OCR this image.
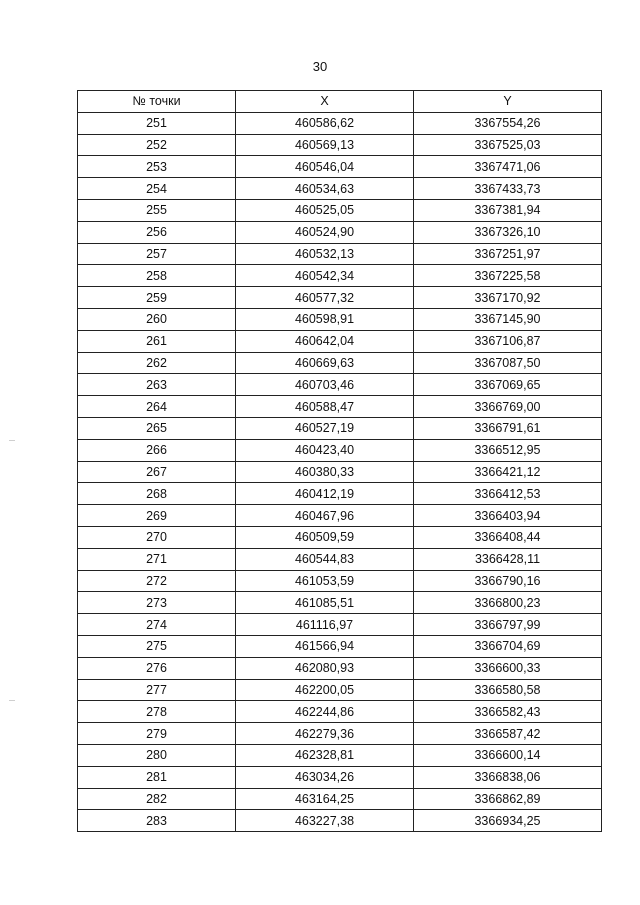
30
№ точки	X	Y
251	460586,62	3367554,26
252	460569,13	3367525,03
253	460546,04	3367471,06
254	460534,63	3367433,73
255	460525,05	3367381,94
256	460524,90	3367326,10
257	460532,13	3367251,97
258	460542,34	3367225,58
259	460577,32	3367170,92
260	460598,91	3367145,90
261	460642,04	3367106,87
262	460669,63	3367087,50
263	460703,46	3367069,65
264	460588,47	3366769,00
265	460527,19	3366791,61
266	460423,40	3366512,95
267	460380,33	3366421,12
268	460412,19	3366412,53
269	460467,96	3366403,94
270	460509,59	3366408,44
271	460544,83	3366428,11
272	461053,59	3366790,16
273	461085,51	3366800,23
274	461116,97	3366797,99
275	461566,94	3366704,69
276	462080,93	3366600,33
277	462200,05	3366580,58
278	462244,86	3366582,43
279	462279,36	3366587,42
280	462328,81	3366600,14
281	463034,26	3366838,06
282	463164,25	3366862,89
283	463227,38	3366934,25
